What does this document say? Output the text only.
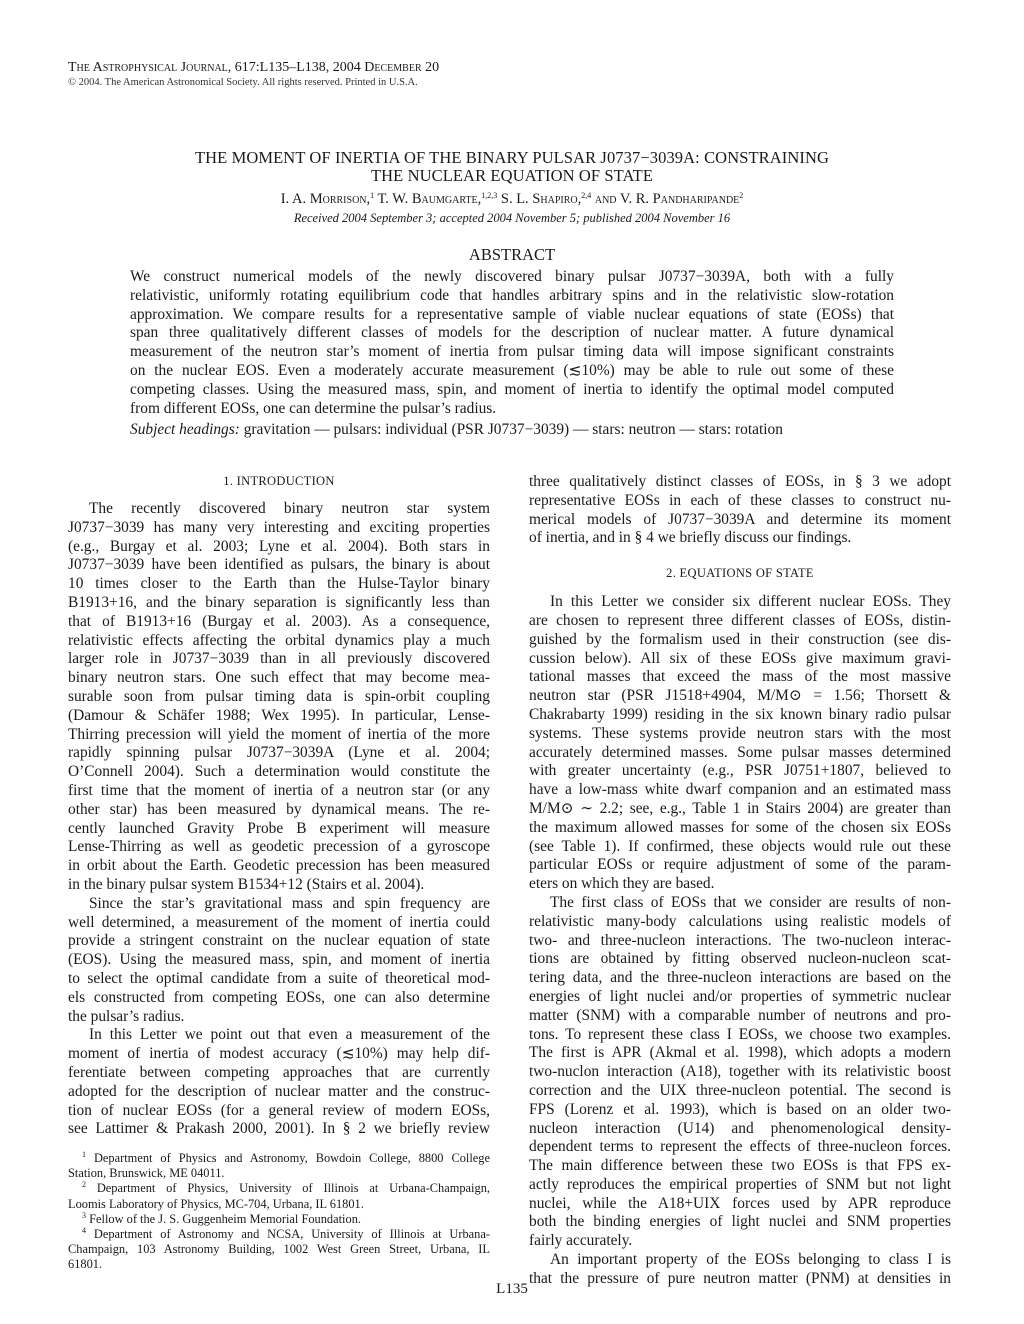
The Astrophysical Journal, 617:L135–L138, 2004 December 20
© 2004. The American Astronomical Society. All rights reserved. Printed in U.S.A.
THE MOMENT OF INERTIA OF THE BINARY PULSAR J0737−3039A: CONSTRAINING
THE NUCLEAR EQUATION OF STATE
I. A. Morrison,$^1$ T. W. Baumgarte,$^{1,2,3}$ S. L. Shapiro,$^{2,4}$ and V. R. Pandharipande$^2$
Received 2004 September 3; accepted 2004 November 5; published 2004 November 16
ABSTRACT
We construct numerical models of the newly discovered binary pulsar J0737−3039A, both with a fully
relativistic, uniformly rotating equilibrium code that handles arbitrary spins and in the relativistic slow-rotation
approximation. We compare results for a representative sample of viable nuclear equations of state (EOSs) that
span three qualitatively different classes of models for the description of nuclear matter. A future dynamical
measurement of the neutron star’s moment of inertia from pulsar timing data will impose significant constraints
on the nuclear EOS. Even a moderately accurate measurement (≲10%) may be able to rule out some of these
competing classes. Using the measured mass, spin, and moment of inertia to identify the optimal model computed
from different EOSs, one can determine the pulsar’s radius.
Subject headings: gravitation — pulsars: individual (PSR J0737−3039) — stars: neutron — stars: rotation
1. INTRODUCTION
The recently discovered binary neutron star system
J0737−3039 has many very interesting and exciting properties
(e.g., Burgay et al. 2003; Lyne et al. 2004). Both stars in
J0737−3039 have been identified as pulsars, the binary is about
10 times closer to the Earth than the Hulse-Taylor binary
B1913+16, and the binary separation is significantly less than
that of B1913+16 (Burgay et al. 2003). As a consequence,
relativistic effects affecting the orbital dynamics play a much
larger role in J0737−3039 than in all previously discovered
binary neutron stars. One such effect that may become mea-
surable soon from pulsar timing data is spin-orbit coupling
(Damour & Schäfer 1988; Wex 1995). In particular, Lense-
Thirring precession will yield the moment of inertia of the more
rapidly spinning pulsar J0737−3039A (Lyne et al. 2004;
O’Connell 2004). Such a determination would constitute the
first time that the moment of inertia of a neutron star (or any
other star) has been measured by dynamical means. The re-
cently launched Gravity Probe B experiment will measure
Lense-Thirring as well as geodetic precession of a gyroscope
in orbit about the Earth. Geodetic precession has been measured
in the binary pulsar system B1534+12 (Stairs et al. 2004).
Since the star’s gravitational mass and spin frequency are
well determined, a measurement of the moment of inertia could
provide a stringent constraint on the nuclear equation of state
(EOS). Using the measured mass, spin, and moment of inertia
to select the optimal candidate from a suite of theoretical mod-
els constructed from competing EOSs, one can also determine
the pulsar’s radius.
In this Letter we point out that even a measurement of the
moment of inertia of modest accuracy (≲10%) may help dif-
ferentiate between competing approaches that are currently
adopted for the description of nuclear matter and the construc-
tion of nuclear EOSs (for a general review of modern EOSs,
see Lattimer & Prakash 2000, 2001). In § 2 we briefly review
$^1$ Department of Physics and Astronomy, Bowdoin College, 8800 College
Station, Brunswick, ME 04011.
$^2$ Department of Physics, University of Illinois at Urbana-Champaign,
Loomis Laboratory of Physics, MC-704, Urbana, IL 61801.
$^3$ Fellow of the J. S. Guggenheim Memorial Foundation.
$^4$ Department of Astronomy and NCSA, University of Illinois at Urbana-
Champaign, 103 Astronomy Building, 1002 West Green Street, Urbana, IL
61801.
three qualitatively distinct classes of EOSs, in § 3 we adopt
representative EOSs in each of these classes to construct nu-
merical models of J0737−3039A and determine its moment
of inertia, and in § 4 we briefly discuss our findings.
2. EQUATIONS OF STATE
In this Letter we consider six different nuclear EOSs. They
are chosen to represent three different classes of EOSs, distin-
guished by the formalism used in their construction (see dis-
cussion below). All six of these EOSs give maximum gravi-
tational masses that exceed the mass of the most massive
neutron star (PSR J1518+4904, M/M⊙ = 1.56; Thorsett &
Chakrabarty 1999) residing in the six known binary radio pulsar
systems. These systems provide neutron stars with the most
accurately determined masses. Some pulsar masses determined
with greater uncertainty (e.g., PSR J0751+1807, believed to
have a low-mass white dwarf companion and an estimated mass
M/M⊙ ∼ 2.2; see, e.g., Table 1 in Stairs 2004) are greater than
the maximum allowed masses for some of the chosen six EOSs
(see Table 1). If confirmed, these objects would rule out these
particular EOSs or require adjustment of some of the param-
eters on which they are based.
The first class of EOSs that we consider are results of non-
relativistic many-body calculations using realistic models of
two- and three-nucleon interactions. The two-nucleon interac-
tions are obtained by fitting observed nucleon-nucleon scat-
tering data, and the three-nucleon interactions are based on the
energies of light nuclei and/or properties of symmetric nuclear
matter (SNM) with a comparable number of neutrons and pro-
tons. To represent these class I EOSs, we choose two examples.
The first is APR (Akmal et al. 1998), which adopts a modern
two-nuclon interaction (A18), together with its relativistic boost
correction and the UIX three-nucleon potential. The second is
FPS (Lorenz et al. 1993), which is based on an older two-
nucleon interaction (U14) and phenomenological density-
dependent terms to represent the effects of three-nucleon forces.
The main difference between these two EOSs is that FPS ex-
actly reproduces the empirical properties of SNM but not light
nuclei, while the A18+UIX forces used by APR reproduce
both the binding energies of light nuclei and SNM properties
fairly accurately.
An important property of the EOSs belonging to class I is
that the pressure of pure neutron matter (PNM) at densities in
L135
